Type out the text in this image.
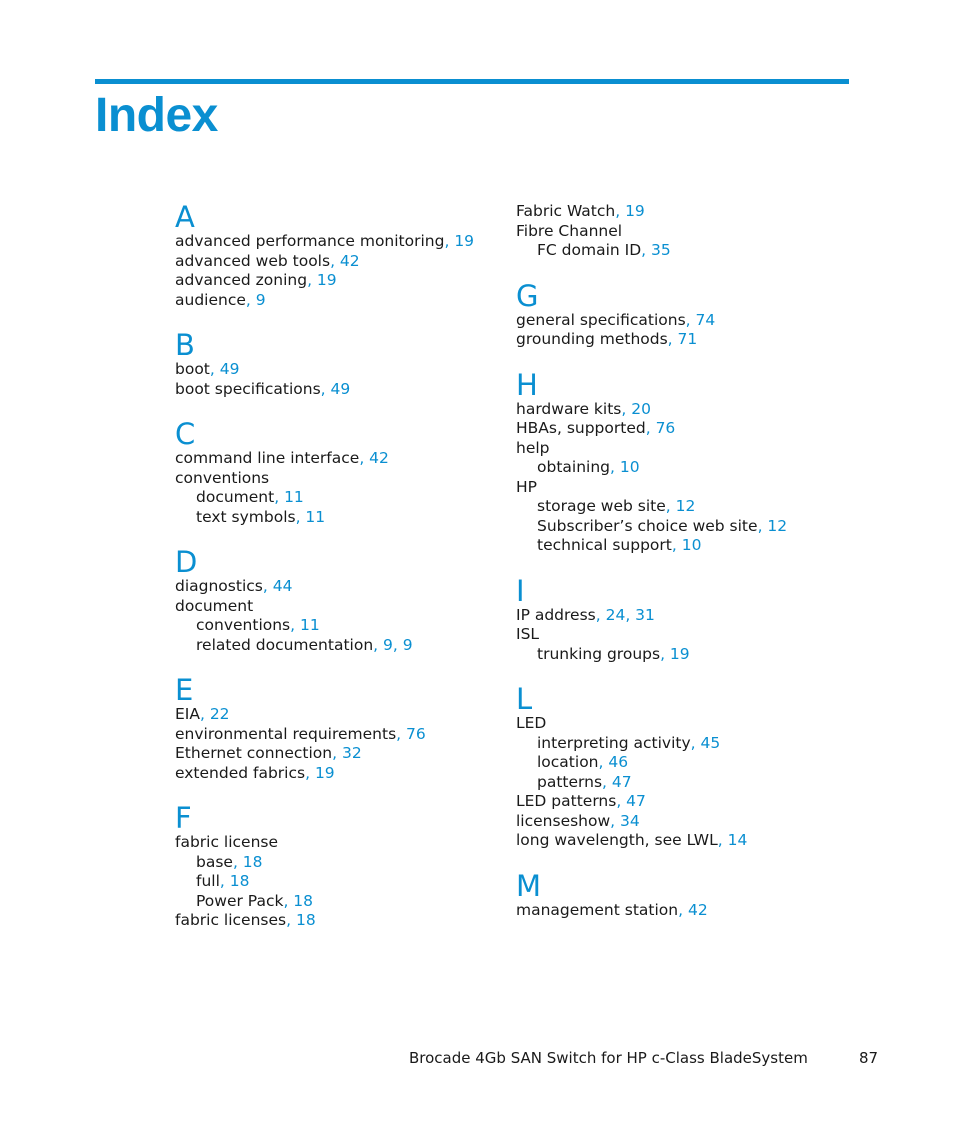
Index
A
advanced performance monitoring, 19
advanced web tools, 42
advanced zoning, 19
audience, 9
B
boot, 49
boot specifications, 49
C
command line interface, 42
conventions
document, 11
text symbols, 11
D
diagnostics, 44
document
conventions, 11
related documentation, 9, 9
E
EIA, 22
environmental requirements, 76
Ethernet connection, 32
extended fabrics, 19
F
fabric license
base, 18
full, 18
Power Pack, 18
fabric licenses, 18
Fabric Watch, 19
Fibre Channel
FC domain ID, 35
G
general specifications, 74
grounding methods, 71
H
hardware kits, 20
HBAs, supported, 76
help
obtaining, 10
HP
storage web site, 12
Subscriber’s choice web site, 12
technical support, 10
I
IP address, 24, 31
ISL
trunking groups, 19
L
LED
interpreting activity, 45
location, 46
patterns, 47
LED patterns, 47
licenseshow, 34
long wavelength, see LWL, 14
M
management station, 42
Brocade 4Gb SAN Switch for HP c-Class BladeSystem	87
